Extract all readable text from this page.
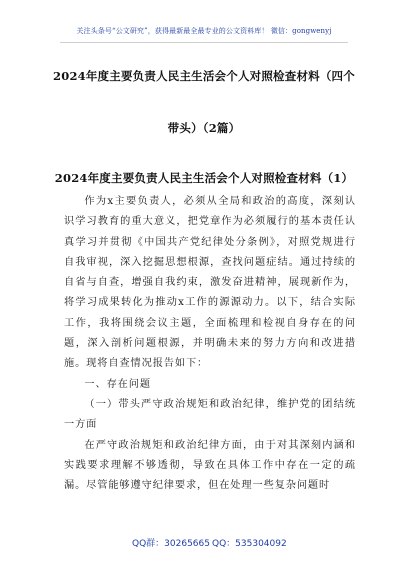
关注头条号“公文研究”，获得最新最全最专业的公文资料库！ 微信：gongwenyj
2024年度主要负责人民主生活会个人对照检查材料（四个
带头）（2篇）
2024年度主要负责人民主生活会个人对照检查材料（1）

作为x主要负责人，必须从全局和政治的高度，深刻认识学习教育的重大意义，把党章作为必须履行的基本责任认真学习并贯彻《中国共产党纪律处分条例》，对照党规进行自我审视，深入挖掘思想根源，查找问题症结。通过持续的自省与自查，增强自我约束，激发奋进精神，展现新作为，将学习成果转化为推动x工作的源源动力。以下，结合实际工作，我将围绕会议主题，全面梳理和检视自身存在的问题，深入剖析问题根源，并明确未来的努力方向和改进措施。现将自查情况报告如下：

一、存在问题

（一）带头严守政治规矩和政治纪律，维护党的团结统一方面

在严守政治规矩和政治纪律方面，由于对其深刻内涵和实践要求理解不够透彻，导致在具体工作中存在一定的疏漏。尽管能够遵守纪律要求，但在处理一些复杂问题时

QQ群：30265665 QQ：535304092
